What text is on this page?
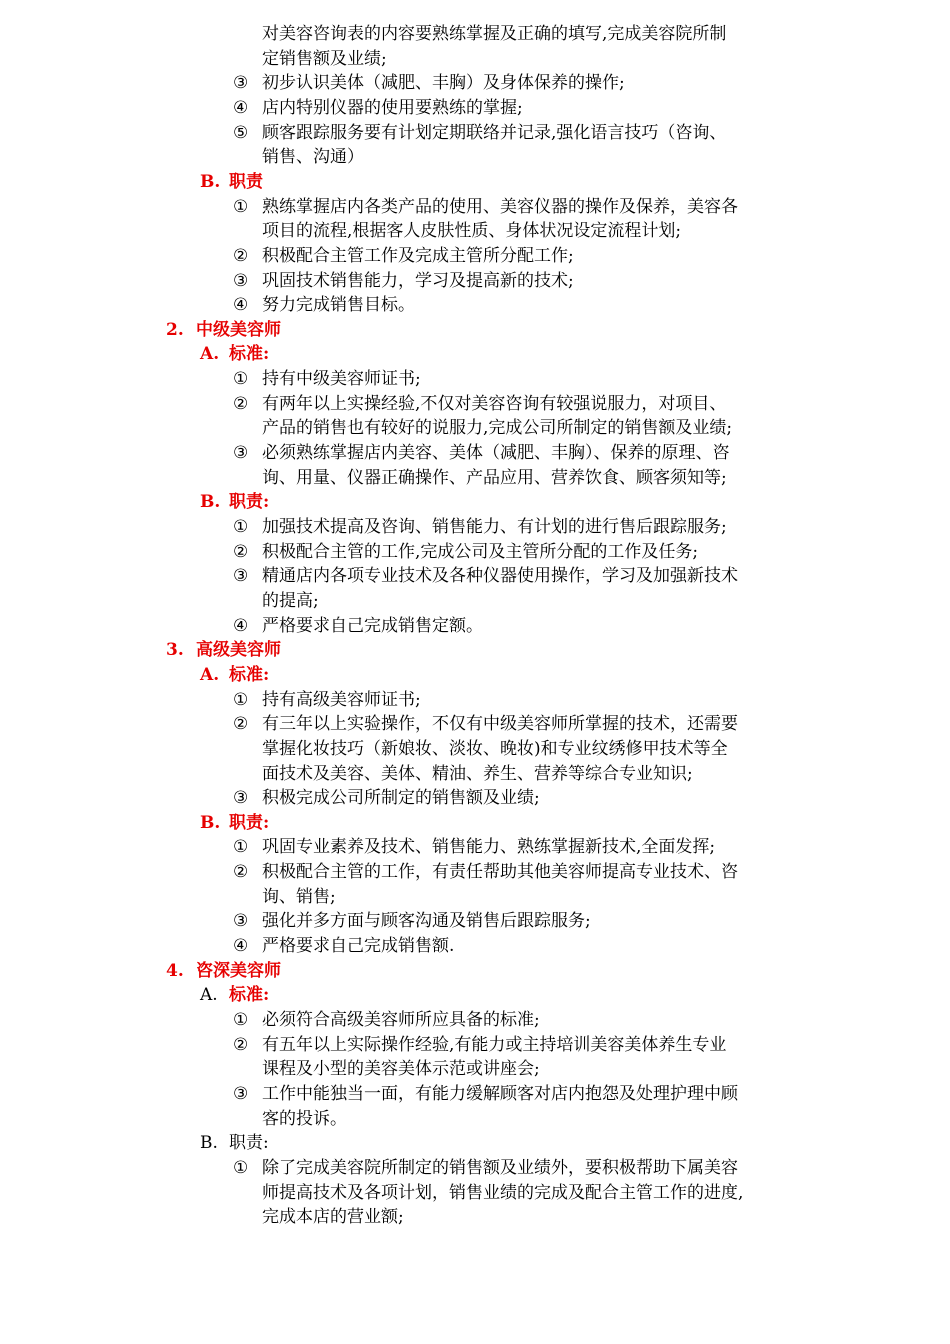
对美容咨询表的内容要熟练掌握及正确的填写,完成美容院所制
定销售额及业绩;
③ 初步认识美体（减肥、丰胸）及身体保养的操作;
④ 店内特别仪器的使用要熟练的掌握;
⑤ 顾客跟踪服务要有计划定期联络并记录,强化语言技巧（咨询、
销售、沟通）
B. 职责
① 熟练掌握店内各类产品的使用、美容仪器的操作及保养，美容各
项目的流程,根据客人皮肤性质、身体状况设定流程计划;
② 积极配合主管工作及完成主管所分配工作;
③ 巩固技术销售能力，学习及提高新的技术;
④ 努力完成销售目标。
2. 中级美容师
A. 标准:
① 持有中级美容师证书;
② 有两年以上实操经验,不仅对美容咨询有较强说服力，对项目、
产品的销售也有较好的说服力,完成公司所制定的销售额及业绩;
③ 必须熟练掌握店内美容、美体（减肥、丰胸）、保养的原理、咨
询、用量、仪器正确操作、产品应用、营养饮食、顾客须知等;
B. 职责:
① 加强技术提高及咨询、销售能力、有计划的进行售后跟踪服务;
② 积极配合主管的工作,完成公司及主管所分配的工作及任务;
③ 精通店内各项专业技术及各种仪器使用操作，学习及加强新技术
的提高;
④ 严格要求自己完成销售定额。
3. 高级美容师
A. 标准:
① 持有高级美容师证书;
② 有三年以上实验操作，不仅有中级美容师所掌握的技术，还需要
掌握化妆技巧（新娘妆、淡妆、晚妆)和专业纹绣修甲技术等全
面技术及美容、美体、精油、养生、营养等综合专业知识;
③ 积极完成公司所制定的销售额及业绩;
B. 职责:
① 巩固专业素养及技术、销售能力、熟练掌握新技术,全面发挥;
② 积极配合主管的工作，有责任帮助其他美容师提高专业技术、咨
询、销售;
③ 强化并多方面与顾客沟通及销售后跟踪服务;
④ 严格要求自己完成销售额.
4. 咨深美容师
A. 标准:
① 必须符合高级美容师所应具备的标准;
② 有五年以上实际操作经验,有能力或主持培训美容美体养生专业
课程及小型的美容美体示范或讲座会;
③ 工作中能独当一面，有能力缓解顾客对店内抱怨及处理护理中顾
客的投诉。
B. 职责:
① 除了完成美容院所制定的销售额及业绩外，要积极帮助下属美容
师提高技术及各项计划，销售业绩的完成及配合主管工作的进度,
完成本店的营业额;
